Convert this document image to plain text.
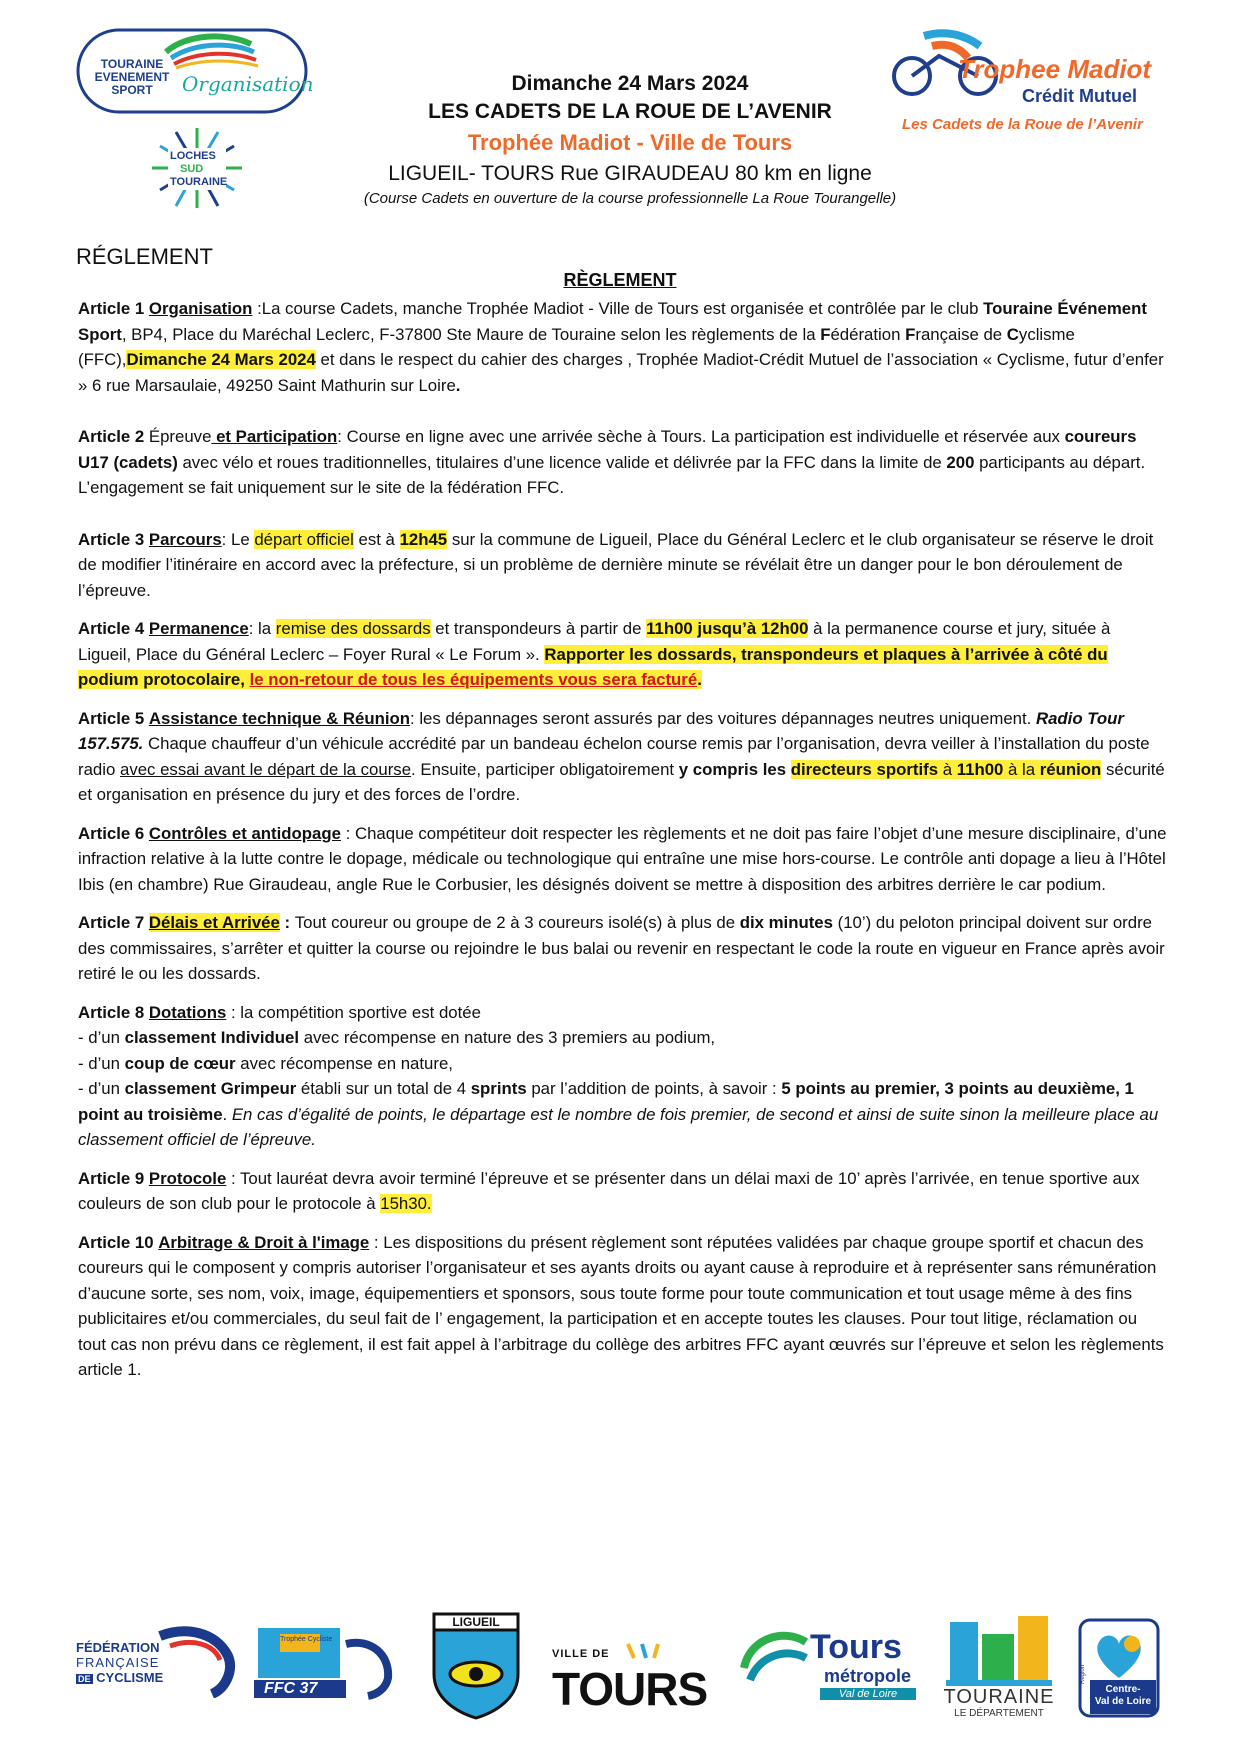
TOURAINE
EVENEMENT
SPORT	Organisation
LOCHES
SUD
TOURAINE
Trophee Madiot
Crédit Mutuel
Les Cadets de la Roue de l’Avenir
Dimanche 24 Mars 2024
LES CADETS DE LA ROUE DE L’AVENIR
Trophée Madiot - Ville de Tours
LIGUEIL- TOURS Rue GIRAUDEAU 80 km en ligne
(Course Cadets en ouverture de la course professionnelle La Roue Tourangelle)
RÉGLEMENT
RÈGLEMENT

Article 1 Organisation :La course Cadets, manche Trophée Madiot - Ville de Tours est organisée et contrôlée par le club Touraine Événement Sport, BP4, Place du Maréchal Leclerc, F-37800 Ste Maure de Touraine selon les règlements de la Fédération Française de Cyclisme (FFC),Dimanche 24 Mars 2024 et dans le respect du cahier des charges , Trophée Madiot-Crédit Mutuel de l’association « Cyclisme, futur d’enfer » 6 rue Marsaulaie, 49250 Saint Mathurin sur Loire.

Article 2 Épreuve et Participation: Course en ligne avec une arrivée sèche à Tours. La participation est individuelle et réservée aux coureurs U17 (cadets) avec vélo et roues traditionnelles, titulaires d’une licence valide et délivrée par la FFC dans la limite de 200 participants au départ. L’engagement se fait uniquement sur le site de la fédération FFC.

Article 3 Parcours: Le départ officiel est à 12h45 sur la commune de Ligueil, Place du Général Leclerc et le club organisateur se réserve le droit de modifier l’itinéraire en accord avec la préfecture, si un problème de dernière minute se révélait être un danger pour le bon déroulement de l’épreuve.

Article 4 Permanence: la remise des dossards et transpondeurs à partir de 11h00 jusqu’à 12h00 à la permanence course et jury, située à Ligueil, Place du Général Leclerc – Foyer Rural « Le Forum ». Rapporter les dossards, transpondeurs et plaques à l’arrivée à côté du podium protocolaire, le non-retour de tous les équipements vous sera facturé.

Article 5 Assistance technique & Réunion: les dépannages seront assurés par des voitures dépannages neutres uniquement. Radio Tour 157.575. Chaque chauffeur d’un véhicule accrédité par un bandeau échelon course remis par l’organisation, devra veiller à l’installation du poste radio avec essai avant le départ de la course. Ensuite, participer obligatoirement y compris les directeurs sportifs à 11h00 à la réunion sécurité et organisation en présence du jury et des forces de l’ordre.

Article 6 Contrôles et antidopage : Chaque compétiteur doit respecter les règlements et ne doit pas faire l’objet d’une mesure disciplinaire, d’une infraction relative à la lutte contre le dopage, médicale ou technologique qui entraîne une mise hors-course. Le contrôle anti dopage a lieu à l’Hôtel Ibis (en chambre) Rue Giraudeau, angle Rue le Corbusier, les désignés doivent se mettre à disposition des arbitres derrière le car podium.

Article 7 Délais et Arrivée : Tout coureur ou groupe de 2 à 3 coureurs isolé(s) à plus de dix minutes (10’) du peloton principal doivent sur ordre des commissaires, s’arrêter et quitter la course ou rejoindre le bus balai ou revenir en respectant le code la route en vigueur en France après avoir retiré le ou les dossards.

Article 8 Dotations : la compétition sportive est dotée
- d’un classement Individuel avec récompense en nature des 3 premiers au podium,
- d’un coup de cœur avec récompense en nature,
- d’un classement Grimpeur établi sur un total de 4 sprints par l’addition de points, à savoir : 5 points au premier, 3 points au deuxième, 1 point au troisième. En cas d’égalité de points, le départage est le nombre de fois premier, de second et ainsi de suite sinon la meilleure place au classement officiel de l’épreuve.

Article 9 Protocole : Tout lauréat devra avoir terminé l’épreuve et se présenter dans un délai maxi de 10’ après l’arrivée, en tenue sportive aux couleurs de son club pour le protocole à 15h30.

Article 10 Arbitrage & Droit à l'image : Les dispositions du présent règlement sont réputées validées par chaque groupe sportif et chacun des coureurs qui le composent y compris autoriser l’organisateur et ses ayants droits ou ayant cause à reproduire et à représenter sans rémunération d’aucune sorte, ses nom, voix, image, équipementiers et sponsors, sous toute forme pour toute communication et tout usage même à des fins publicitaires et/ou commerciales, du seul fait de l’ engagement, la participation et en accepte toutes les clauses. Pour tout litige, réclamation ou tout cas non prévu dans ce règlement, il est fait appel à l’arbitrage du collège des arbitres FFC ayant œuvrés sur l’épreuve et selon les règlements article 1.

FÉDÉRATION
FRANÇAISE
DE CYCLISME
Trophée Cycliste
FFC 37
LIGUEIL
VILLE DE
TOURS
Tours
métropole
Val de Loire	TOURAINE
LE DÉPARTEMENT
Région
Centre-
Val de Loire
